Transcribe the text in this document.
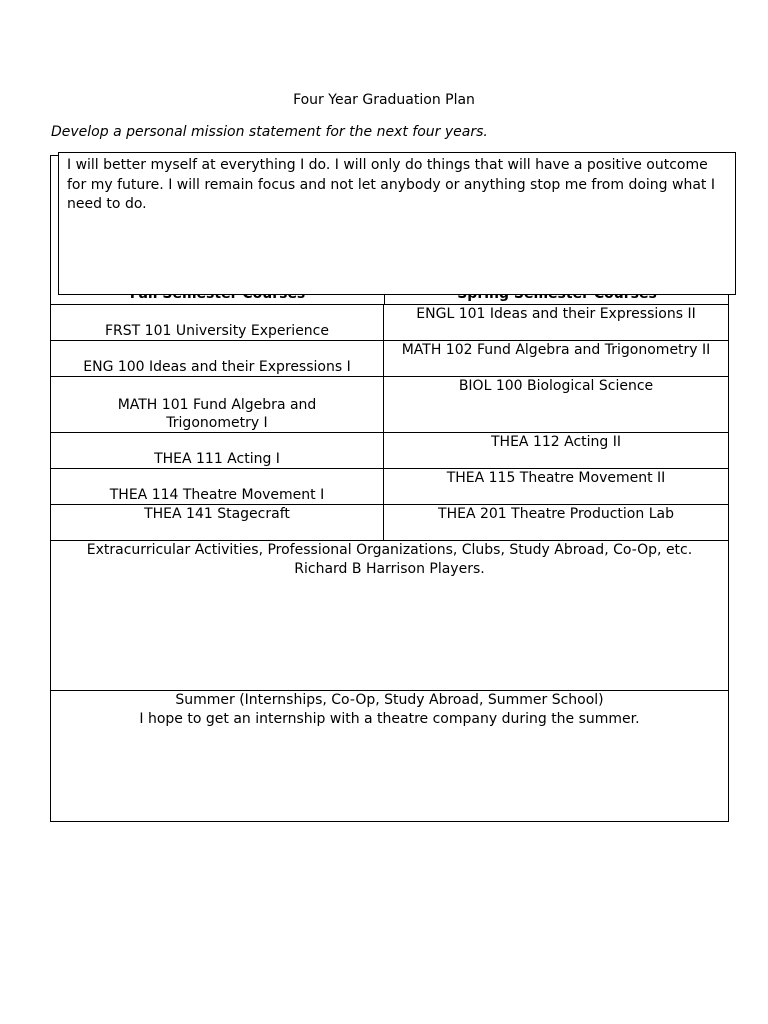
Four Year Graduation Plan
Develop a personal mission statement for the next four years.
FRST 101 University Experience
ENGL 101 Ideas and their Expressions II
ENG 100 Ideas and their Expressions I
MATH 102 Fund Algebra and Trigonometry II
MATH 101 Fund Algebra and Trigonometry I
BIOL 100 Biological Science
THEA 111 Acting I
THEA 112 Acting II
THEA 114 Theatre Movement I
THEA 115 Theatre Movement II
THEA 141 Stagecraft	THEA 201 Theatre Production Lab
Extracurricular Activities, Professional Organizations, Clubs, Study Abroad, Co-Op, etc.
Richard B Harrison Players.
Summer (Internships, Co-Op, Study Abroad, Summer School)
I hope to get an internship with a theatre company during the summer.
I will better myself at everything I do. I will only do things that will have a positive outcome for my future. I will remain focus and not let anybody or anything stop me from doing what I need to do.
